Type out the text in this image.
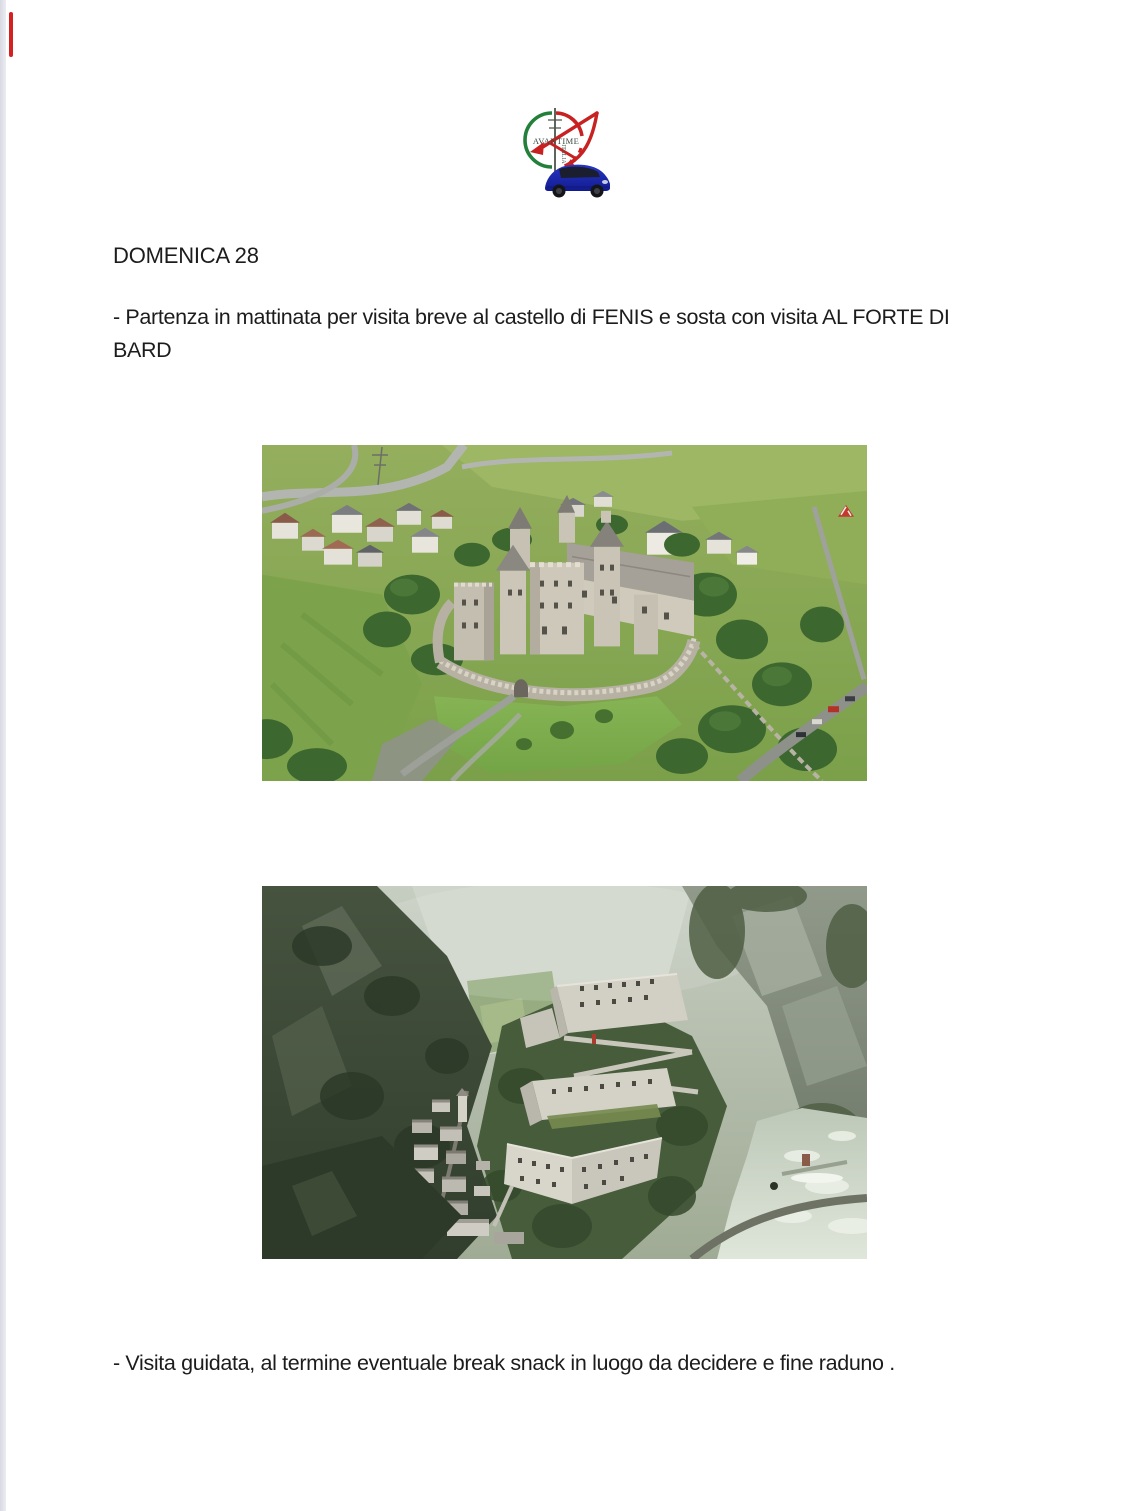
AVANTIME
ITALIA
DOMENICA 28
- Partenza in mattinata per visita breve al castello di FENIS e sosta con visita AL FORTE DI
BARD
- Visita guidata, al termine eventuale break snack in luogo da decidere e fine raduno .
